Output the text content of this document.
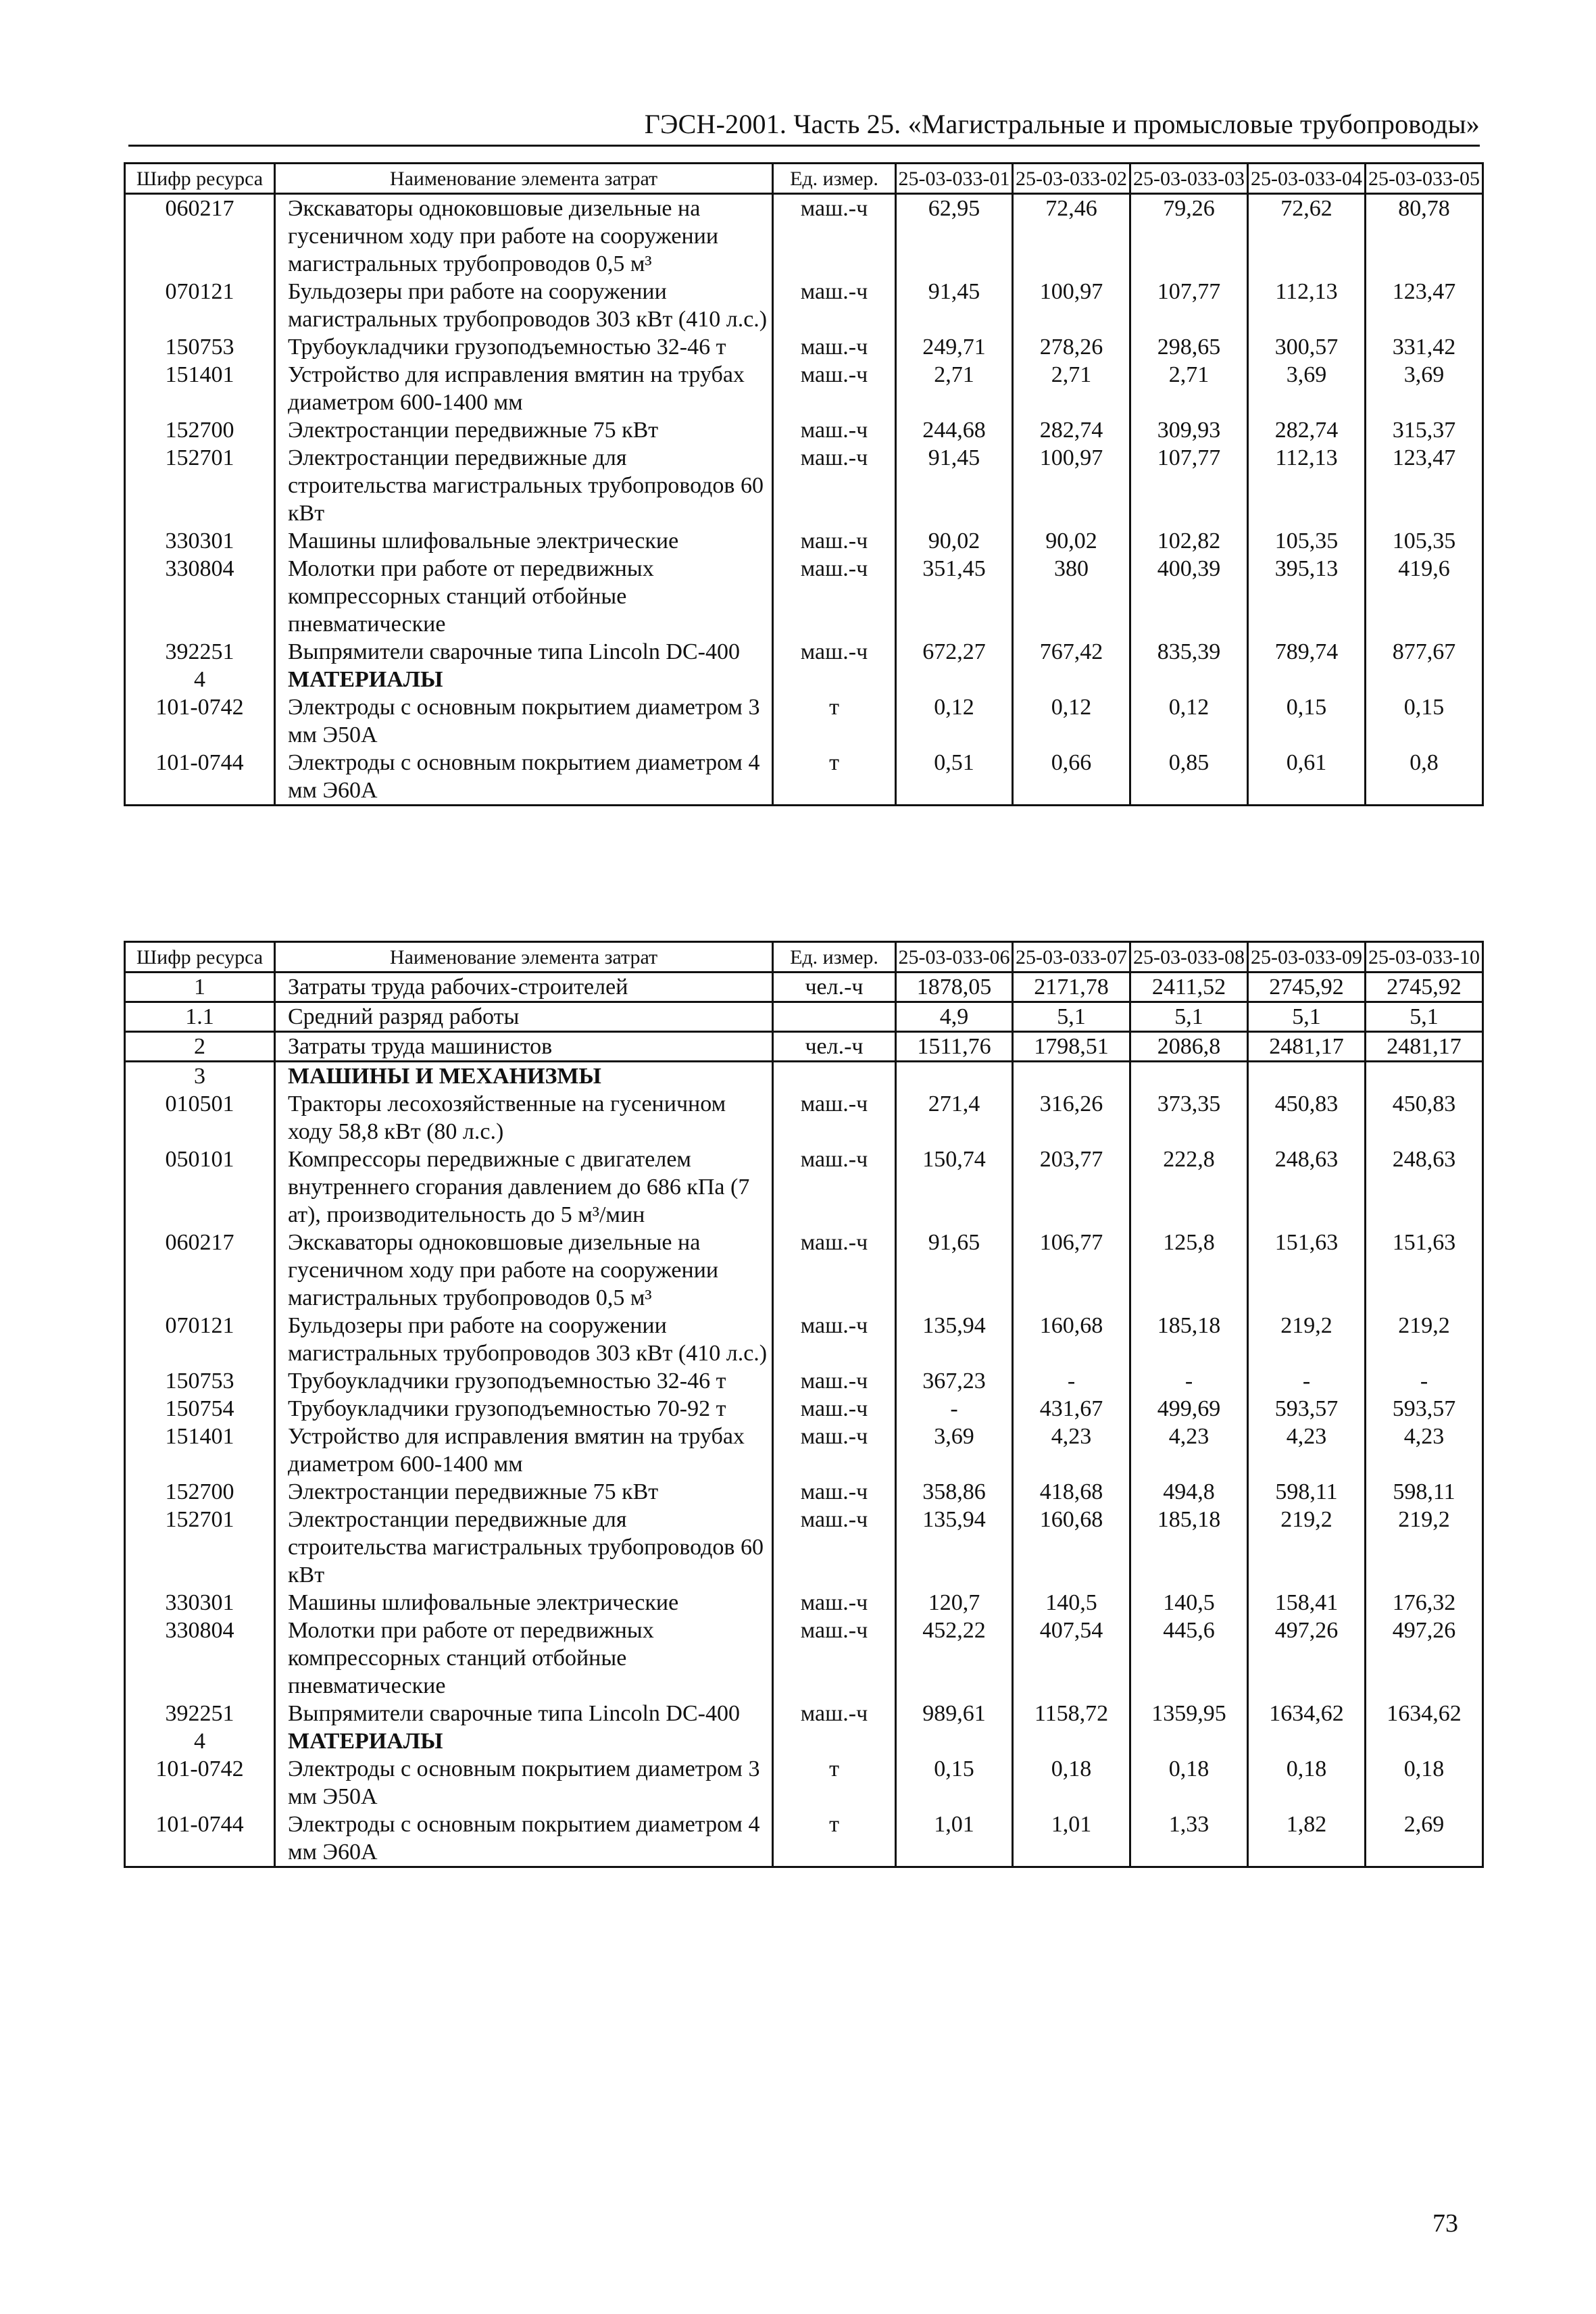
ГЭСН-2001. Часть 25. «Магистральные и промысловые трубопроводы»
Шифр ресурса	Наименование элемента затрат	Ед. измер.	25-03-033-01	25-03-033-02	25-03-033-03	25-03-033-04	25-03-033-05
060217	Экскаваторы одноковшовые дизельные на гусеничном ходу при работе на сооружении магистральных трубопроводов 0,5 м³	маш.-ч	62,95	72,46	79,26	72,62	80,78
070121	Бульдозеры при работе на сооружении магистральных трубопроводов 303 кВт (410 л.с.)	маш.-ч	91,45	100,97	107,77	112,13	123,47
150753	Трубоукладчики грузоподъемностью 32-46 т	маш.-ч	249,71	278,26	298,65	300,57	331,42
151401	Устройство для исправления вмятин на трубах диаметром 600-1400 мм	маш.-ч	2,71	2,71	2,71	3,69	3,69
152700	Электростанции передвижные 75 кВт	маш.-ч	244,68	282,74	309,93	282,74	315,37
152701	Электростанции передвижные для строительства магистральных трубопроводов 60 кВт	маш.-ч	91,45	100,97	107,77	112,13	123,47
330301	Машины шлифовальные электрические	маш.-ч	90,02	90,02	102,82	105,35	105,35
330804	Молотки при работе от передвижных компрессорных станций отбойные пневматические	маш.-ч	351,45	380	400,39	395,13	419,6
392251	Выпрямители сварочные типа Lincoln DC-400	маш.-ч	672,27	767,42	835,39	789,74	877,67
4	МАТЕРИАЛЫ						
101-0742	Электроды с основным покрытием диаметром 3 мм Э50А	т	0,12	0,12	0,12	0,15	0,15
101-0744	Электроды с основным покрытием диаметром 4 мм Э60А	т	0,51	0,66	0,85	0,61	0,8
Шифр ресурса	Наименование элемента затрат	Ед. измер.	25-03-033-06	25-03-033-07	25-03-033-08	25-03-033-09	25-03-033-10
1	Затраты труда рабочих-строителей	чел.-ч	1878,05	2171,78	2411,52	2745,92	2745,92
1.1	Средний разряд работы		4,9	5,1	5,1	5,1	5,1
2	Затраты труда машинистов	чел.-ч	1511,76	1798,51	2086,8	2481,17	2481,17
3	МАШИНЫ И МЕХАНИЗМЫ						
010501	Тракторы лесохозяйственные на гусеничном ходу 58,8 кВт (80 л.с.)	маш.-ч	271,4	316,26	373,35	450,83	450,83
050101	Компрессоры передвижные с двигателем внутреннего сгорания давлением до 686 кПа (7 ат), производительность до 5 м³/мин	маш.-ч	150,74	203,77	222,8	248,63	248,63
060217	Экскаваторы одноковшовые дизельные на гусеничном ходу при работе на сооружении магистральных трубопроводов 0,5 м³	маш.-ч	91,65	106,77	125,8	151,63	151,63
070121	Бульдозеры при работе на сооружении магистральных трубопроводов 303 кВт (410 л.с.)	маш.-ч	135,94	160,68	185,18	219,2	219,2
150753	Трубоукладчики грузоподъемностью 32-46 т	маш.-ч	367,23	-	-	-	-
150754	Трубоукладчики грузоподъемностью 70-92 т	маш.-ч	-	431,67	499,69	593,57	593,57
151401	Устройство для исправления вмятин на трубах диаметром 600-1400 мм	маш.-ч	3,69	4,23	4,23	4,23	4,23
152700	Электростанции передвижные 75 кВт	маш.-ч	358,86	418,68	494,8	598,11	598,11
152701	Электростанции передвижные для строительства магистральных трубопроводов 60 кВт	маш.-ч	135,94	160,68	185,18	219,2	219,2
330301	Машины шлифовальные электрические	маш.-ч	120,7	140,5	140,5	158,41	176,32
330804	Молотки при работе от передвижных компрессорных станций отбойные пневматические	маш.-ч	452,22	407,54	445,6	497,26	497,26
392251	Выпрямители сварочные типа Lincoln DC-400	маш.-ч	989,61	1158,72	1359,95	1634,62	1634,62
4	МАТЕРИАЛЫ						
101-0742	Электроды с основным покрытием диаметром 3 мм Э50А	т	0,15	0,18	0,18	0,18	0,18
101-0744	Электроды с основным покрытием диаметром 4 мм Э60А	т	1,01	1,01	1,33	1,82	2,69
73
